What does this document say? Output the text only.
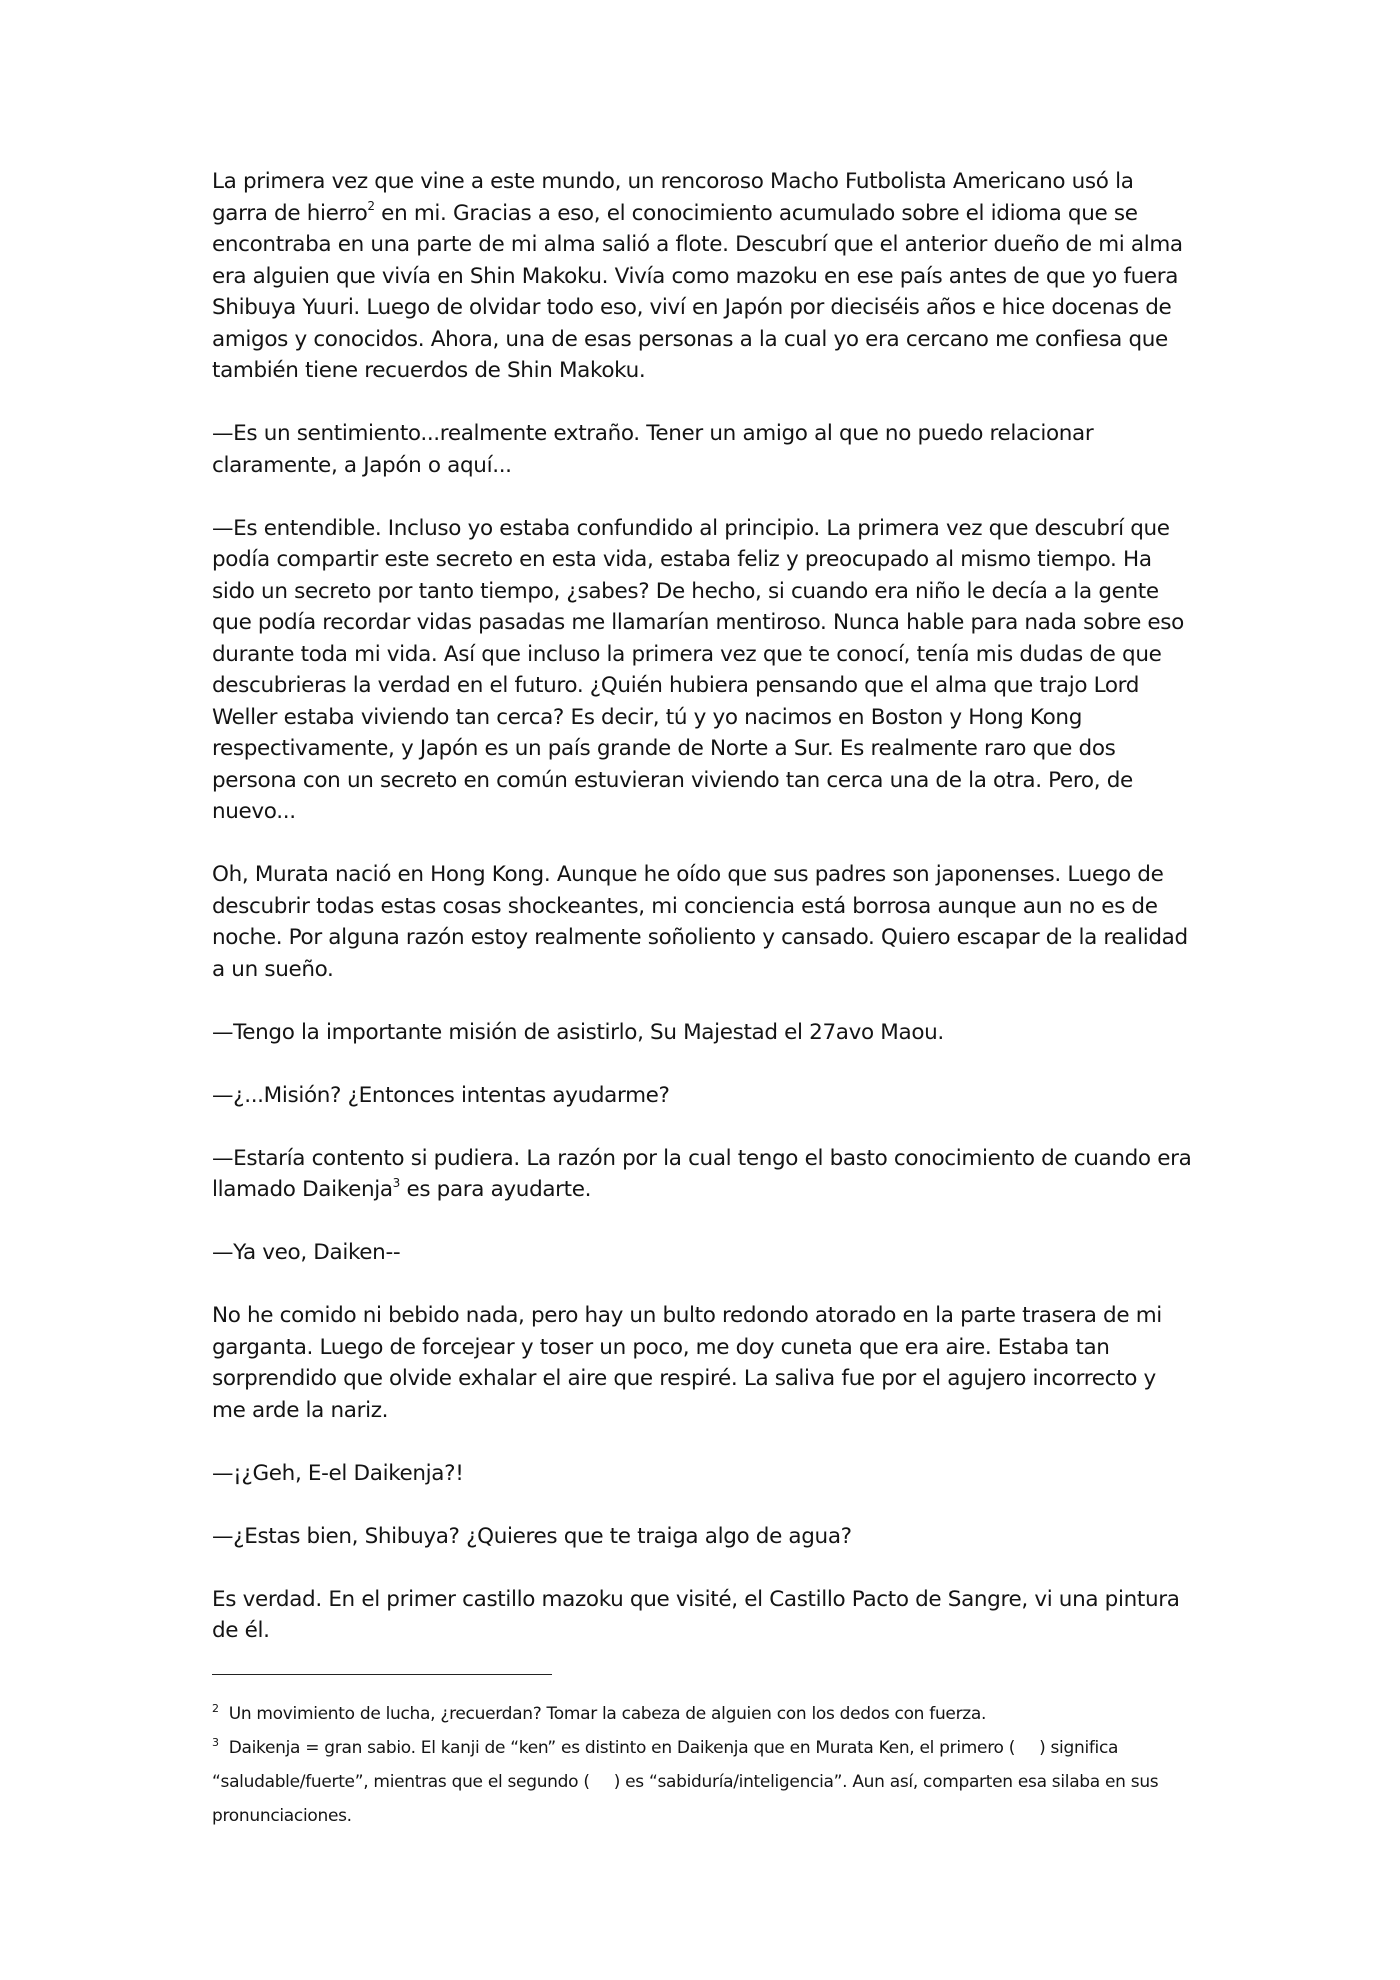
La primera vez que vine a este mundo, un rencoroso Macho Futbolista Americano usó la garra de hierro$^2$ en mi. Gracias a eso, el conocimiento acumulado sobre el idioma que se encontraba en una parte de mi alma salió a flote. Descubrí que el anterior dueño de mi alma era alguien que vivía en Shin Makoku. Vivía como mazoku en ese país antes de que yo fuera Shibuya Yuuri. Luego de olvidar todo eso, viví en Japón por dieciséis años e hice docenas de amigos y conocidos. Ahora, una de esas personas a la cual yo era cercano me confiesa que también tiene recuerdos de Shin Makoku.

—Es un sentimiento...realmente extraño. Tener un amigo al que no puedo relacionar claramente, a Japón o aquí...

—Es entendible. Incluso yo estaba confundido al principio. La primera vez que descubrí que podía compartir este secreto en esta vida, estaba feliz y preocupado al mismo tiempo. Ha sido un secreto por tanto tiempo, ¿sabes? De hecho, si cuando era niño le decía a la gente que podía recordar vidas pasadas me llamarían mentiroso. Nunca hable para nada sobre eso durante toda mi vida. Así que incluso la primera vez que te conocí, tenía mis dudas de que descubrieras la verdad en el futuro. ¿Quién hubiera pensando que el alma que trajo Lord Weller estaba viviendo tan cerca? Es decir, tú y yo nacimos en Boston y Hong Kong respectivamente, y Japón es un país grande de Norte a Sur. Es realmente raro que dos persona con un secreto en común estuvieran viviendo tan cerca una de la otra. Pero, de nuevo...

Oh, Murata nació en Hong Kong. Aunque he oído que sus padres son japonenses. Luego de descubrir todas estas cosas shockeantes, mi conciencia está borrosa aunque aun no es de noche. Por alguna razón estoy realmente soñoliento y cansado. Quiero escapar de la realidad a un sueño.

—Tengo la importante misión de asistirlo, Su Majestad el 27avo Maou.

—¿...Misión? ¿Entonces intentas ayudarme?

—Estaría contento si pudiera. La razón por la cual tengo el basto conocimiento de cuando era llamado Daikenja$^3$ es para ayudarte.

—Ya veo, Daiken--

No he comido ni bebido nada, pero hay un bulto redondo atorado en la parte trasera de mi garganta. Luego de forcejear y toser un poco, me doy cuneta que era aire. Estaba tan sorprendido que olvide exhalar el aire que respiré. La saliva fue por el agujero incorrecto y me arde la nariz.

—¡¿Geh, E-el Daikenja?!

—¿Estas bien, Shibuya? ¿Quieres que te traiga algo de agua?

Es verdad. En el primer castillo mazoku que visité, el Castillo Pacto de Sangre, vi una pintura de él.

$^2$ Un movimiento de lucha, ¿recuerdan? Tomar la cabeza de alguien con los dedos con fuerza.

$^3$ Daikenja = gran sabio. El kanji de “ken” es distinto en Daikenja que en Murata Ken, el primero ( ) significa “saludable/fuerte”, mientras que el segundo ( ) es “sabiduría/inteligencia”. Aun así, comparten esa silaba en sus pronunciaciones.
